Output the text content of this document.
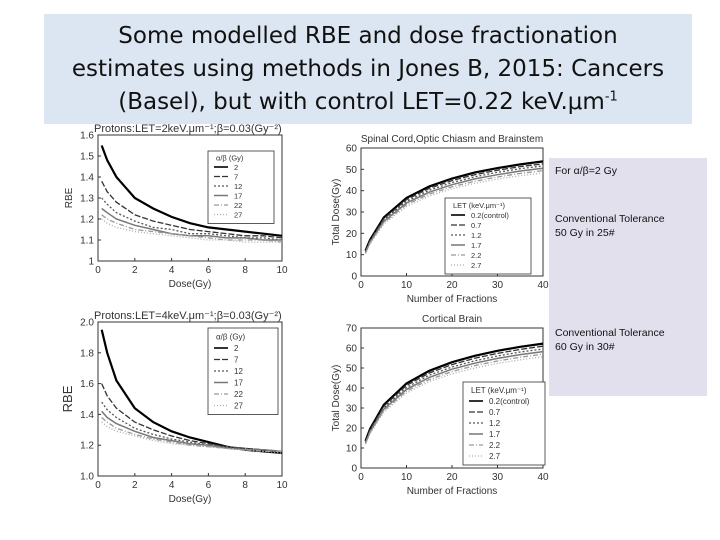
Some modelled RBE and dose fractionation
estimates using methods in Jones B, 2015: Cancers
(Basel), but with control LET=0.22 $keV.\mu m^{-1}$
For α/β=2 Gy
Conventional Tolerance
50 Gy in 25#
Conventional Tolerance
60 Gy in 30#
Protons:LET=2keV.μm⁻¹;β=0.03(Gy⁻²)
0	2	4	6	8	10
1
1.1
1.2
1.3
1.4
1.5
1.6
Dose(Gy)
RBE
α/β (Gy)
2
7
12
17
22
27
Protons:LET=4keV.μm⁻¹;β=0.03(Gy⁻²)
0	2	4	6	8	10
1.0
1.2
1.4
1.6
1.8
2.0
Dose(Gy)
RBE
α/β (Gy)
2
7
12
17
22
27
Spinal Cord,Optic Chiasm and Brainstem
0	10	20	30	40
0
10
20
30
40
50
60
Number of Fractions
Total Dose(Gy)	LET (keV.μm⁻¹)
0.2(control)
0.7
1.2
1.7
2.2
2.7
Cortical Brain
0	10	20	30	40
0
10
20
30
40
50
60
70
Number of Fractions
Total Dose(Gy)	LET (keV.μm⁻¹)
0.2(control)
0.7
1.2
1.7
2.2
2.7
